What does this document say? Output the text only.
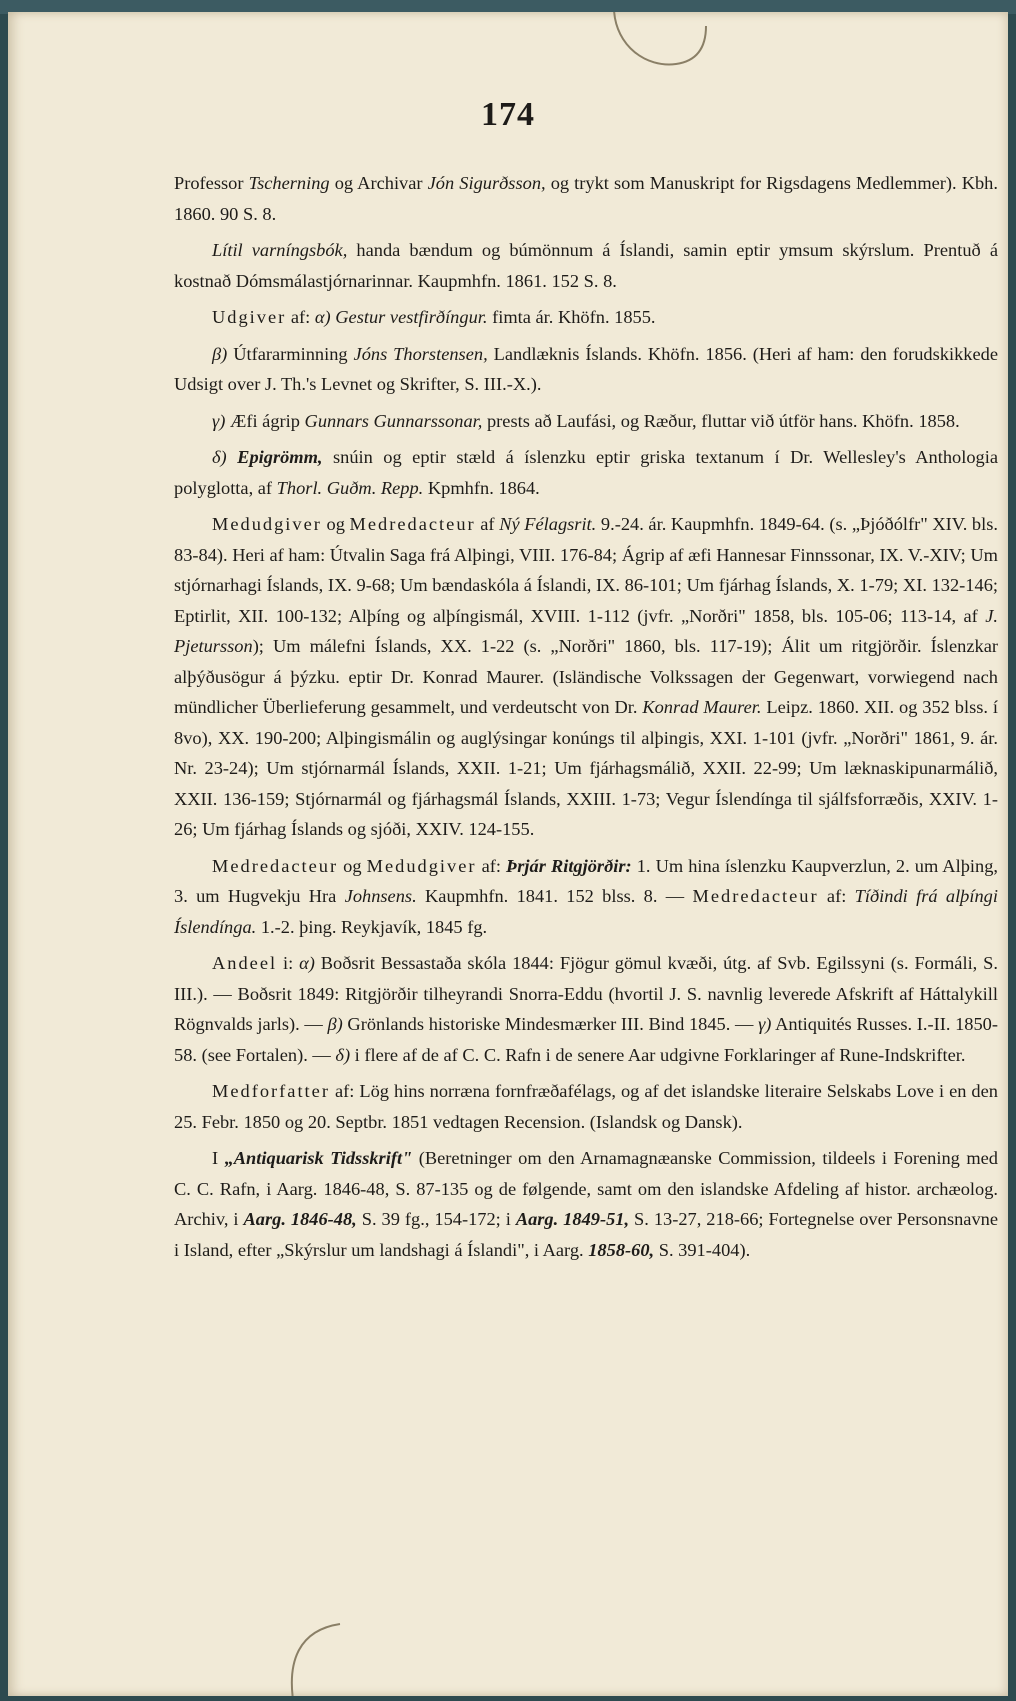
174

Professor Tscherning og Archivar Jón Sigurðsson, og trykt som Manuskript for Rigsdagens Medlemmer). Kbh. 1860. 90 S. 8.

Lítil varníngsbók, handa bændum og búmönnum á Íslandi, samin eptir ymsum skýrslum. Prentuð á kostnað Dómsmálastjórnarinnar. Kaupmhfn. 1861. 152 S. 8.

Udgiver af: α) Gestur vestfirðíngur. fimta ár. Khöfn. 1855.

β) Útfararminning Jóns Thorstensen, Landlæknis Íslands. Khöfn. 1856. (Heri af ham: den forudskikkede Udsigt over J. Th.'s Levnet og Skrifter, S. III.-X.).

γ) Æfi ágrip Gunnars Gunnarssonar, prests að Laufási, og Ræður, fluttar við útför hans. Khöfn. 1858.

δ) Epigrömm, snúin og eptir stæld á íslenzku eptir griska textanum í Dr. Wellesley's Anthologia polyglotta, af Thorl. Guðm. Repp. Kpmhfn. 1864.

Medudgiver og Medredacteur af Ný Félagsrit. 9.-24. ár. Kaupmhfn. 1849-64. (s. „Þjóðólfr" XIV. bls. 83-84). Heri af ham: Útvalin Saga frá Alþingi, VIII. 176-84; Ágrip af æfi Hannesar Finnssonar, IX. V.-XIV; Um stjórnarhagi Íslands, IX. 9-68; Um bændaskóla á Íslandi, IX. 86-101; Um fjárhag Íslands, X. 1-79; XI. 132-146; Eptirlit, XII. 100-132; Alþíng og alþíngismál, XVIII. 1-112 (jvfr. „Norðri" 1858, bls. 105-06; 113-14, af J. Pjetursson); Um málefni Íslands, XX. 1-22 (s. „Norðri" 1860, bls. 117-19); Álit um ritgjörðir. Íslenzkar alþýðusögur á þýzku. eptir Dr. Konrad Maurer. (Isländische Volkssagen der Gegenwart, vorwiegend nach mündlicher Überlieferung gesammelt, und verdeutscht von Dr. Konrad Maurer. Leipz. 1860. XII. og 352 blss. í 8vo), XX. 190-200; Alþingismálin og auglýsingar konúngs til alþingis, XXI. 1-101 (jvfr. „Norðri" 1861, 9. ár. Nr. 23-24); Um stjórnarmál Íslands, XXII. 1-21; Um fjárhagsmálið, XXII. 22-99; Um læknaskipunarmálið, XXII. 136-159; Stjórnarmál og fjárhagsmál Íslands, XXIII. 1-73; Vegur Íslendínga til sjálfsforræðis, XXIV. 1-26; Um fjárhag Íslands og sjóði, XXIV. 124-155.

Medredacteur og Medudgiver af: Þrjár Ritgjörðir: 1. Um hina íslenzku Kaupverzlun, 2. um Alþing, 3. um Hugvekju Hra Johnsens. Kaupmhfn. 1841. 152 blss. 8. — Medredacteur af: Tíðindi frá alþíngi Íslendínga. 1.-2. þing. Reykjavík, 1845 fg.

Andeel i: α) Boðsrit Bessastaða skóla 1844: Fjögur gömul kvæði, útg. af Svb. Egilssyni (s. Formáli, S. III.). — Boðsrit 1849: Ritgjörðir tilheyrandi Snorra-Eddu (hvortil J. S. navnlig leverede Afskrift af Háttalykill Rögnvalds jarls). — β) Grönlands historiske Mindesmærker III. Bind 1845. — γ) Antiquités Russes. I.-II. 1850-58. (see Fortalen). — δ) i flere af de af C. C. Rafn i de senere Aar udgivne Forklaringer af Rune-Indskrifter.

Medforfatter af: Lög hins norræna fornfræðafélags, og af det islandske literaire Selskabs Love i en den 25. Febr. 1850 og 20. Septbr. 1851 vedtagen Recension. (Islandsk og Dansk).

I „Antiquarisk Tidsskrift" (Beretninger om den Arnamagnæanske Commission, tildeels i Forening med C. C. Rafn, i Aarg. 1846-48, S. 87-135 og de følgende, samt om den islandske Afdeling af histor. archæolog. Archiv, i Aarg. 1846-48, S. 39 fg., 154-172; i Aarg. 1849-51, S. 13-27, 218-66; Fortegnelse over Personsnavne i Island, efter „Skýrslur um landshagi á Íslandi", i Aarg. 1858-60, S. 391-404).
